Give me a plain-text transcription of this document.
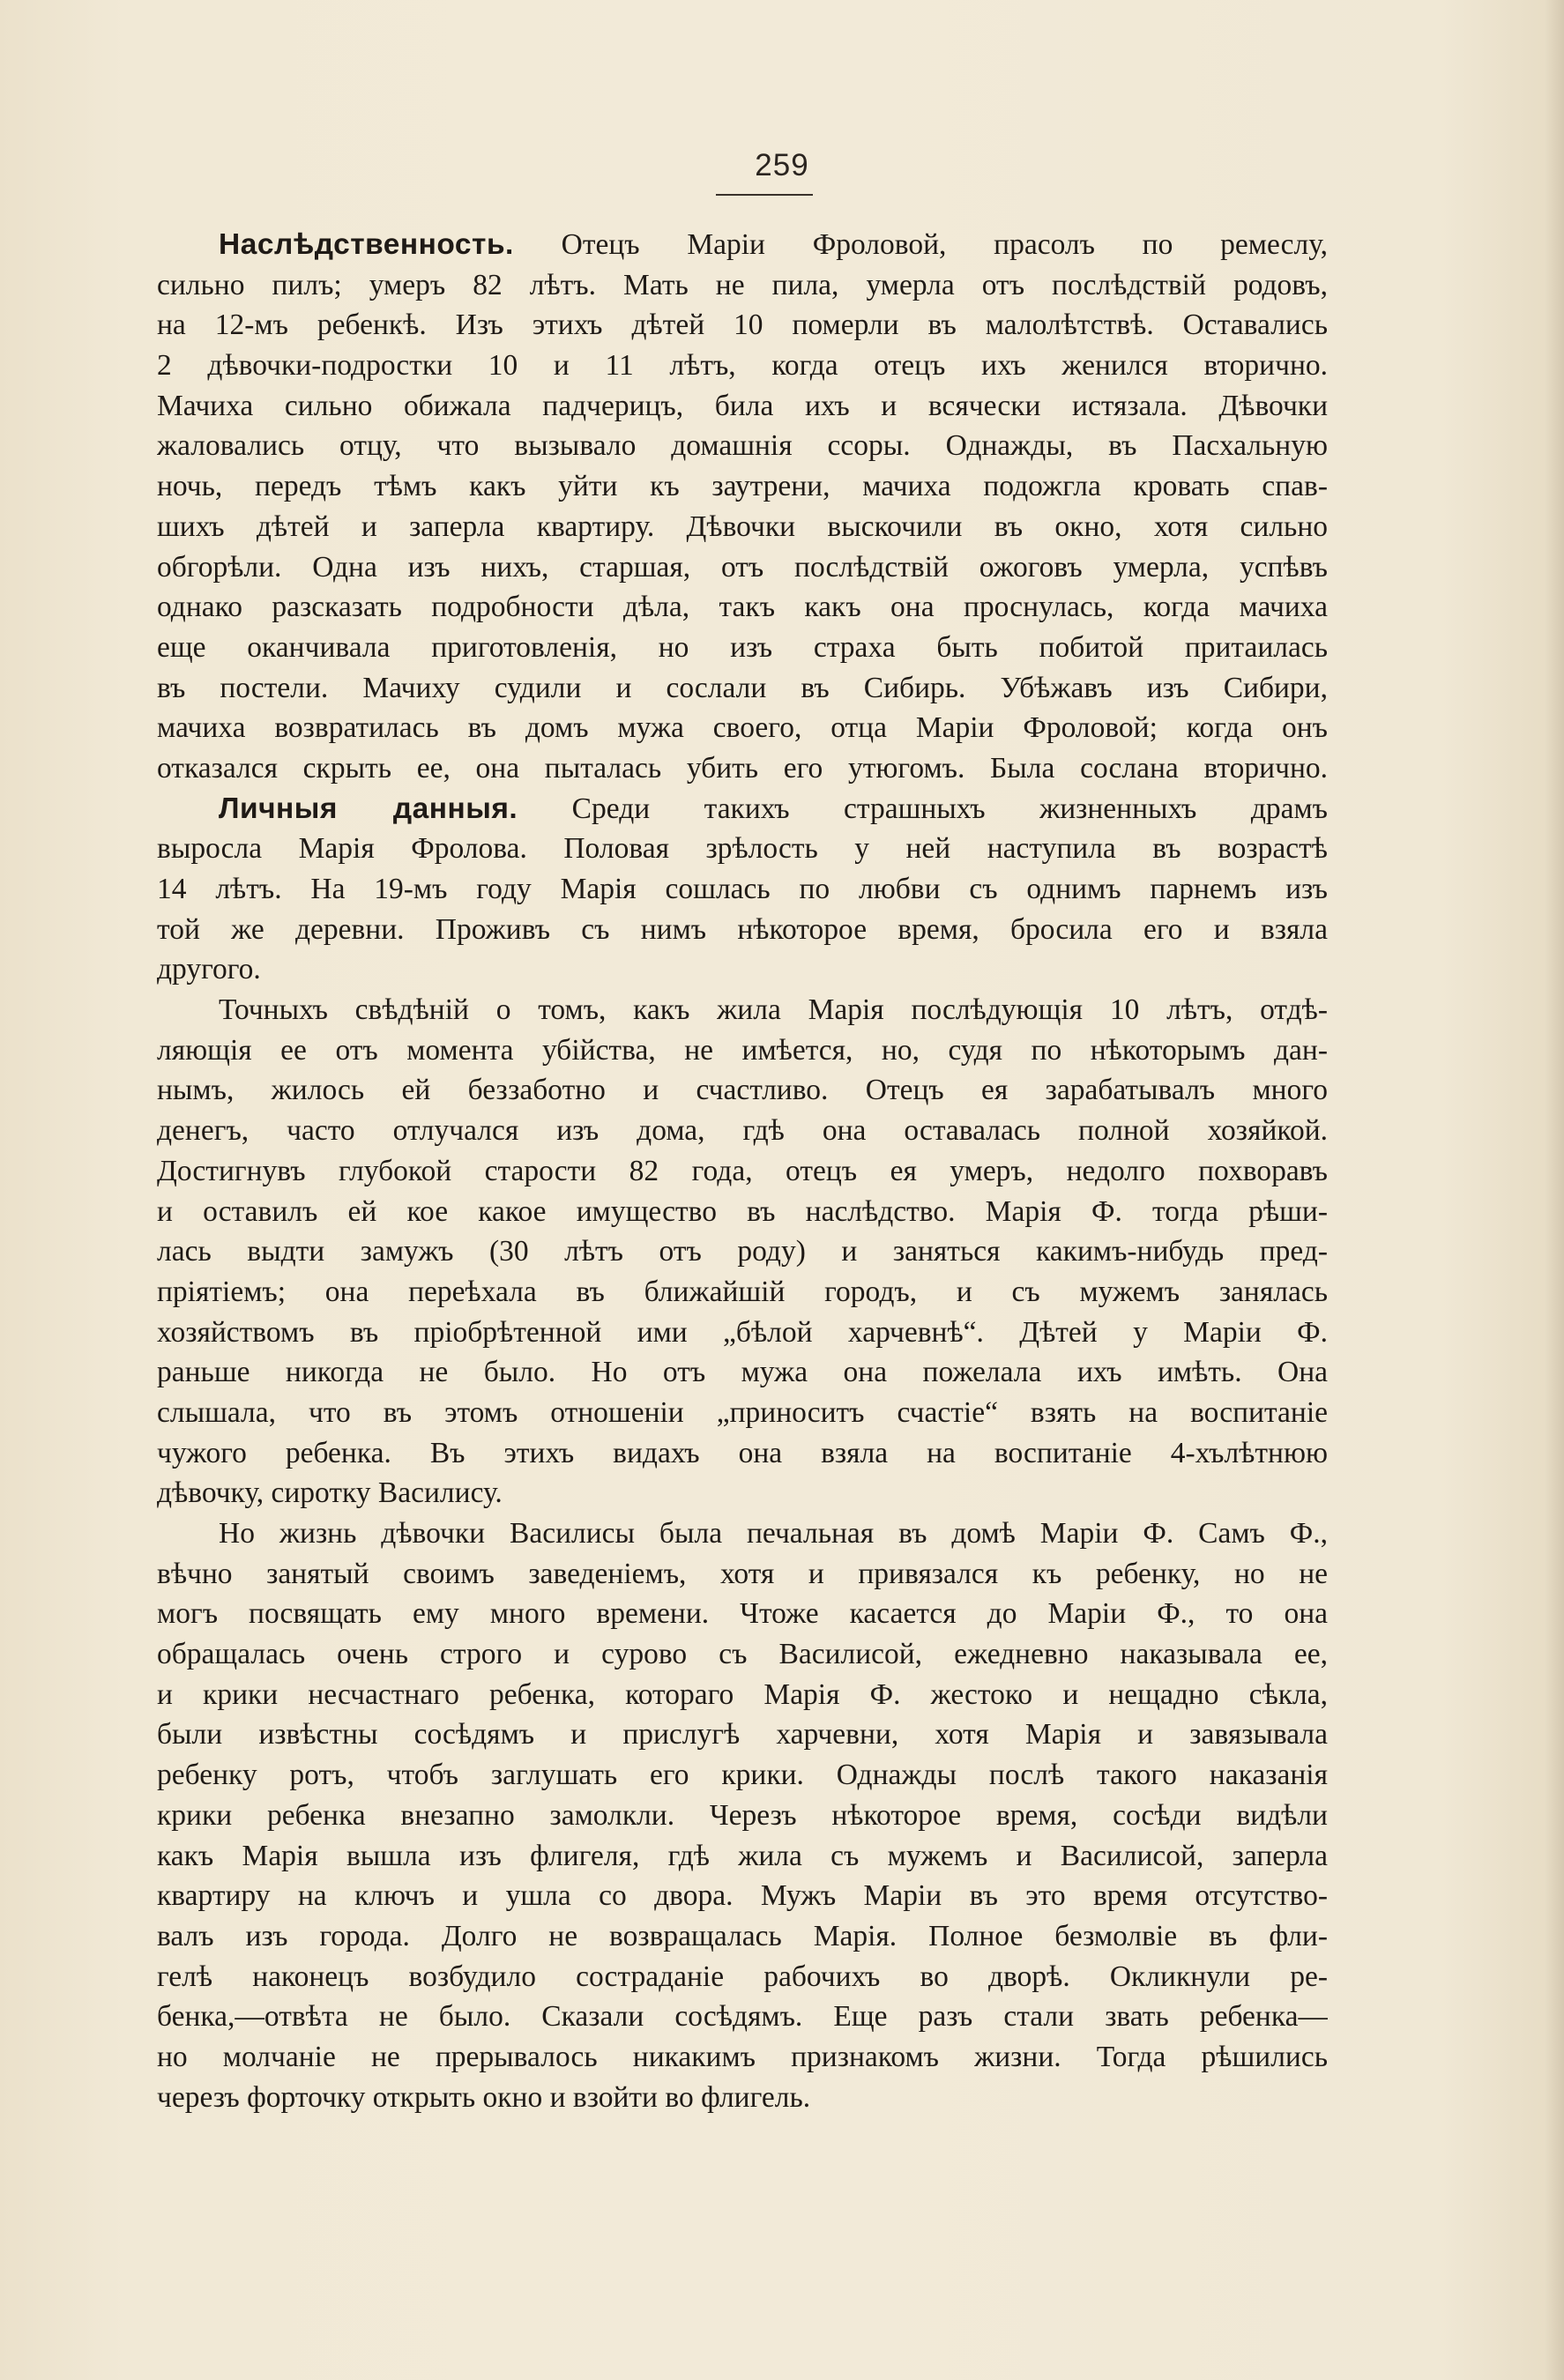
259
Наслѣдственность. Отецъ Маріи Фроловой, прасолъ по ремеслу,
сильно пилъ; умеръ 82 лѣтъ. Мать не пила, умерла отъ послѣдствій родовъ,
на 12-мъ ребенкѣ. Изъ этихъ дѣтей 10 померли въ малолѣтствѣ. Оставались
2 дѣвочки-подростки 10 и 11 лѣтъ, когда отецъ ихъ женился вторично.
Мачиха сильно обижала падчерицъ, била ихъ и всячески истязала. Дѣвочки
жаловались отцу, что вызывало домашнія ссоры. Однажды, въ Пасхальную
ночь, передъ тѣмъ какъ уйти къ заутрени, мачиха подожгла кровать спав-
шихъ дѣтей и заперла квартиру. Дѣвочки выскочили въ окно, хотя сильно
обгорѣли. Одна изъ нихъ, старшая, отъ послѣдствій ожоговъ умерла, успѣвъ
однако разсказать подробности дѣла, такъ какъ она проснулась, когда мачиха
еще оканчивала приготовленія, но изъ страха быть побитой притаилась
въ постели. Мачиху судили и сослали въ Сибирь. Убѣжавъ изъ Сибири,
мачиха возвратилась въ домъ мужа своего, отца Маріи Фроловой; когда онъ
отказался скрыть ее, она пыталась убить его утюгомъ. Была сослана вторично.
Личныя данныя. Среди такихъ страшныхъ жизненныхъ драмъ
выросла Марія Фролова. Половая зрѣлость у ней наступила въ возрастѣ
14 лѣтъ. На 19-мъ году Марія сошлась по любви съ однимъ парнемъ изъ
той же деревни. Проживъ съ нимъ нѣкоторое время, бросила его и взяла
другого.
Точныхъ свѣдѣній о томъ, какъ жила Марія послѣдующія 10 лѣтъ, отдѣ-
ляющія ее отъ момента убійства, не имѣется, но, судя по нѣкоторымъ дан-
нымъ, жилось ей беззаботно и счастливо. Отецъ ея зарабатывалъ много
денегъ, часто отлучался изъ дома, гдѣ она оставалась полной хозяйкой.
Достигнувъ глубокой старости 82 года, отецъ ея умеръ, недолго похворавъ
и оставилъ ей кое какое имущество въ наслѣдство. Марія Ф. тогда рѣши-
лась выдти замужъ (30 лѣтъ отъ роду) и заняться какимъ-нибудь пред-
пріятіемъ; она переѣхала въ ближайшій городъ, и съ мужемъ занялась
хозяйствомъ въ пріобрѣтенной ими „бѣлой харчевнѣ“. Дѣтей у Маріи Ф.
раньше никогда не было. Но отъ мужа она пожелала ихъ имѣть. Она
слышала, что въ этомъ отношеніи „приноситъ счастіе“ взять на воспитаніе
чужого ребенка. Въ этихъ видахъ она взяла на воспитаніе 4-хълѣтнюю
дѣвочку, сиротку Василису.
Но жизнь дѣвочки Василисы была печальная въ домѣ Маріи Ф. Самъ Ф.,
вѣчно занятый своимъ заведеніемъ, хотя и привязался къ ребенку, но не
могъ посвящать ему много времени. Чтоже касается до Маріи Ф., то она
обращалась очень строго и сурово съ Василисой, ежедневно наказывала ее,
и крики несчастнаго ребенка, котораго Марія Ф. жестоко и нещадно сѣкла,
были извѣстны сосѣдямъ и прислугѣ харчевни, хотя Марія и завязывала
ребенку ротъ, чтобъ заглушать его крики. Однажды послѣ такого наказанія
крики ребенка внезапно замолкли. Черезъ нѣкоторое время, сосѣди видѣли
какъ Марія вышла изъ флигеля, гдѣ жила съ мужемъ и Василисой, заперла
квартиру на ключъ и ушла со двора. Мужъ Маріи въ это время отсутство-
валъ изъ города. Долго не возвращалась Марія. Полное безмолвіе въ фли-
гелѣ наконецъ возбудило состраданіе рабочихъ во дворѣ. Окликнули ре-
бенка,—отвѣта не было. Сказали сосѣдямъ. Еще разъ стали звать ребенка—
но молчаніе не прерывалось никакимъ признакомъ жизни. Тогда рѣшились
черезъ форточку открыть окно и взойти во флигель.
